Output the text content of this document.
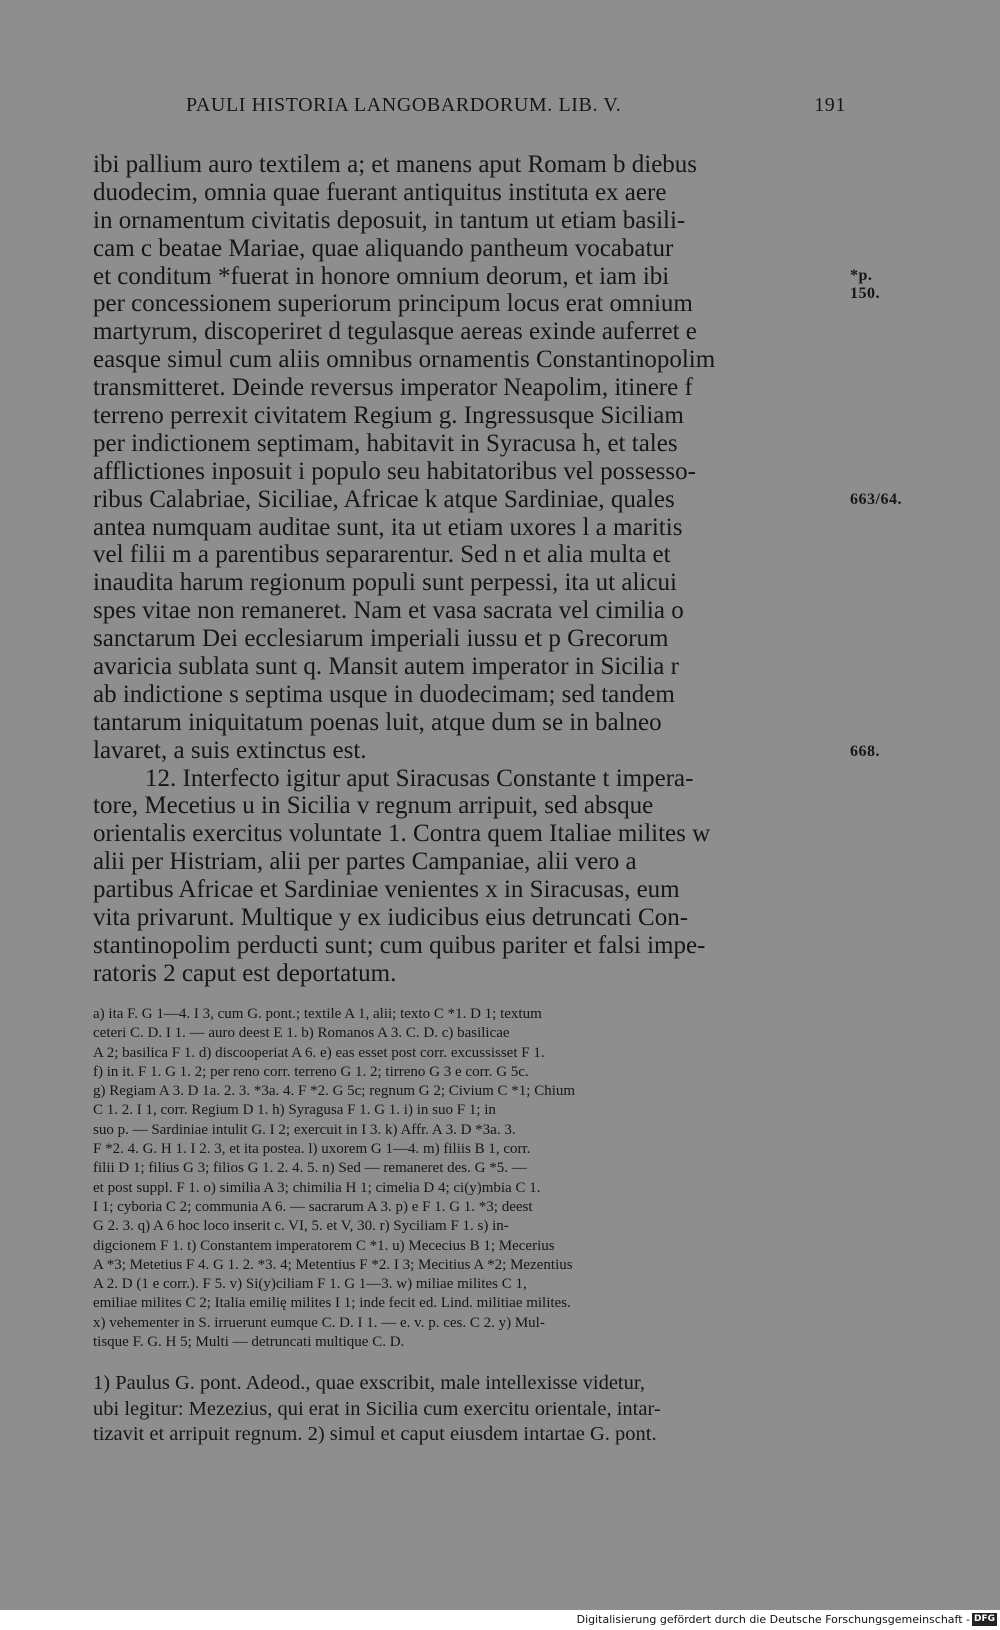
PAULI HISTORIA LANGOBARDORUM. LIB. V.	191
ibi pallium auro textilem a; et manens aput Romam b diebus
duodecim, omnia quae fuerant antiquitus instituta ex aere
in ornamentum civitatis deposuit, in tantum ut etiam basili-
cam c beatae Mariae, quae aliquando pantheum vocabatur
et conditum *fuerat in honore omnium deorum, et iam ibi
per concessionem superiorum principum locus erat omnium
martyrum, discoperiret d tegulasque aereas exinde auferret e
easque simul cum aliis omnibus ornamentis Constantinopolim
transmitteret. Deinde reversus imperator Neapolim, itinere f
terreno perrexit civitatem Regium g. Ingressusque Siciliam
per indictionem septimam, habitavit in Syracusa h, et tales
afflictiones inposuit i populo seu habitatoribus vel possesso-
ribus Calabriae, Siciliae, Africae k atque Sardiniae, quales
antea numquam auditae sunt, ita ut etiam uxores l a maritis
vel filii m a parentibus separarentur. Sed n et alia multa et
inaudita harum regionum populi sunt perpessi, ita ut alicui
spes vitae non remaneret. Nam et vasa sacrata vel cimilia o
sanctarum Dei ecclesiarum imperiali iussu et p Grecorum
avaricia sublata sunt q. Mansit autem imperator in Sicilia r
ab indictione s septima usque in duodecimam; sed tandem
tantarum iniquitatum poenas luit, atque dum se in balneo
lavaret, a suis extinctus est.
12. Interfecto igitur aput Siracusas Constante t impera-
tore, Mecetius u in Sicilia v regnum arripuit, sed absque
orientalis exercitus voluntate 1. Contra quem Italiae milites w
alii per Histriam, alii per partes Campaniae, alii vero a
partibus Africae et Sardiniae venientes x in Siracusas, eum
vita privarunt. Multique y ex iudicibus eius detruncati Con-
stantinopolim perducti sunt; cum quibus pariter et falsi impe-
ratoris 2 caput est deportatum.
*p. 150.
663/64.
668.
a) ita F. G 1—4. I 3, cum G. pont.; textile A 1, alii; texto C *1. D 1; textum
ceteri C. D. I 1. — auro deest E 1. b) Romanos A 3. C. D. c) basilicae
A 2; basilica F 1. d) discooperiat A 6. e) eas esset post corr. excussisset F 1.
f) in it. F 1. G 1. 2; per reno corr. terreno G 1. 2; tirreno G 3 e corr. G 5c.
g) Regiam A 3. D 1a. 2. 3. *3a. 4. F *2. G 5c; regnum G 2; Civium C *1; Chium
C 1. 2. I 1, corr. Regium D 1. h) Syragusa F 1. G 1. i) in suo F 1; in
suo p. — Sardiniae intulit G. I 2; exercuit in I 3. k) Affr. A 3. D *3a. 3.
F *2. 4. G. H 1. I 2. 3, et ita postea. l) uxorem G 1—4. m) filiis B 1, corr.
filii D 1; filius G 3; filios G 1. 2. 4. 5. n) Sed — remaneret des. G *5. —
et post suppl. F 1. o) similia A 3; chimilia H 1; cimelia D 4; ci(y)mbia C 1.
I 1; cyboria C 2; communia A 6. — sacrarum A 3. p) e F 1. G 1. *3; deest
G 2. 3. q) A 6 hoc loco inserit c. VI, 5. et V, 30. r) Syciliam F 1. s) in-
digcionem F 1. t) Constantem imperatorem C *1. u) Mececius B 1; Mecerius
A *3; Metetius F 4. G 1. 2. *3. 4; Metentius F *2. I 3; Mecitius A *2; Mezentius
A 2. D (1 e corr.). F 5. v) Si(y)ciliam F 1. G 1—3. w) miliae milites C 1,
emiliae milites C 2; Italia emilię milites I 1; inde fecit ed. Lind. militiae milites.
x) vehementer in S. irruerunt eumque C. D. I 1. — e. v. p. ces. C 2. y) Mul-
tisque F. G. H 5; Multi — detruncati multique C. D.
1) Paulus G. pont. Adeod., quae exscribit, male intellexisse videtur,
ubi legitur: Mezezius, qui erat in Sicilia cum exercitu orientale, intar-
tizavit et arripuit regnum. 2) simul et caput eiusdem intartae G. pont.
Digitalisierung gefördert durch die Deutsche Forschungsgemeinschaft - DFG
